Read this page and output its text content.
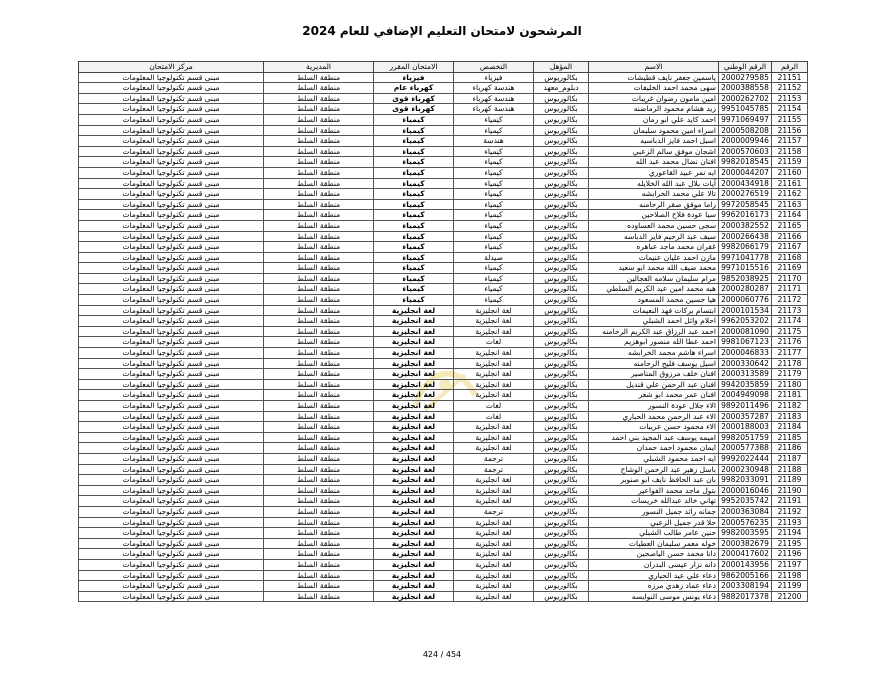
المرشحون لامتحان التعليم الإضافي للعام 2024
الرقم	الرقم الوطني	الاسم	المؤهل	التخصص	الامتحان المقرر	المديرية	مركز الامتحان
21151	2000279585	ياسمين جعفر نايف قطيشات	بكالوريوس	فيزياء	فيزياء	منطقة السلط	مبنى قسم تكنولوجيا المعلومات
21152	2000388558	سهى محمد احمد الخليفات	دبلوم_معهد	هندسة كهرباء	كهرباء عام	منطقة السلط	مبنى قسم تكنولوجيا المعلومات
21153	2000262702	امين مامون رضوان غريبات	بكالوريوس	هندسة كهرباء	كهرباء قوى	منطقة السلط	مبنى قسم تكنولوجيا المعلومات
21154	9951045785	زيد هشام محمود الرماضنه	بكالوريوس	هندسة كهرباء	كهرباء قوى	منطقة السلط	مبنى قسم تكنولوجيا المعلومات
21155	9971069497	احمد كايد علي ابو رمان	بكالوريوس	كيمياء	كيمياء	منطقة السلط	مبنى قسم تكنولوجيا المعلومات
21156	2000508208	اسراء امين محمود سليمان	بكالوريوس	كيمياء	كيمياء	منطقة السلط	مبنى قسم تكنولوجيا المعلومات
21157	2000009946	اسيل احمد فايز الدباسيه	بكالوريوس	هندسة	كيمياء	منطقة السلط	مبنى قسم تكنولوجيا المعلومات
21158	2000570603	اشجان موفق سالم الزعبي	بكالوريوس	كيمياء	كيمياء	منطقة السلط	مبنى قسم تكنولوجيا المعلومات
21159	9982018545	افنان نضال محمد عبد الله	بكالوريوس	كيمياء	كيمياء	منطقة السلط	مبنى قسم تكنولوجيا المعلومات
21160	2000044207	ايه نمر عبيد القاعوري	بكالوريوس	كيمياء	كيمياء	منطقة السلط	مبنى قسم تكنولوجيا المعلومات
21161	2000434918	آيات بلال عبد الله الخلايله	بكالوريوس	كيمياء	كيمياء	منطقة السلط	مبنى قسم تكنولوجيا المعلومات
21162	2000276519	تالا علي محمد الخرابشه	بكالوريوس	كيمياء	كيمياء	منطقة السلط	مبنى قسم تكنولوجيا المعلومات
21163	9972058545	راما موفق صقر الرحامنه	بكالوريوس	كيمياء	كيمياء	منطقة السلط	مبنى قسم تكنولوجيا المعلومات
21164	9962016173	سيا عودة فلاح الصلاحين	بكالوريوس	كيمياء	كيمياء	منطقة السلط	مبنى قسم تكنولوجيا المعلومات
21165	2000382552	سجى حسين محمد العساوده	بكالوريوس	كيمياء	كيمياء	منطقة السلط	مبنى قسم تكنولوجيا المعلومات
21166	2000266438	سيف عبد الرحيم فايز الدباسه	بكالوريوس	كيمياء	كيمياء	منطقة السلط	مبنى قسم تكنولوجيا المعلومات
21167	9982066179	غفران محمد ماجد عباهره	بكالوريوس	كيمياء	كيمياء	منطقة السلط	مبنى قسم تكنولوجيا المعلومات
21168	9971041778	مازن احمد عليان عنيمات	بكالوريوس	صيدلة	كيمياء	منطقة السلط	مبنى قسم تكنولوجيا المعلومات
21169	9971015516	محمد ضيف الله محمد ابو سعيد	بكالوريوس	كيمياء	كيمياء	منطقة السلط	مبنى قسم تكنولوجيا المعلومات
21170	9852038925	مرام سليمان سلامه العجالين	بكالوريوس	كيمياء	كيمياء	منطقة السلط	مبنى قسم تكنولوجيا المعلومات
21171	2000280287	هبه محمد امين عبد الكريم السلطي	بكالوريوس	كيمياء	كيمياء	منطقة السلط	مبنى قسم تكنولوجيا المعلومات
21172	2000060776	هيا حسين محمد المسعود	بكالوريوس	كيمياء	كيمياء	منطقة السلط	مبنى قسم تكنولوجيا المعلومات
21173	2000101534	ابتسام بركات فهد النعيمات	بكالوريوس	لغة انجليزية	لغة انجليزية	منطقة السلط	مبنى قسم تكنولوجيا المعلومات
21174	9962053202	احلام وائل احمد الشبلي	بكالوريوس	لغة انجليزية	لغة انجليزية	منطقة السلط	مبنى قسم تكنولوجيا المعلومات
21175	2000081090	احمد عبد الرزاق عبد الكريم الرحامنه	بكالوريوس	لغة انجليزية	لغة انجليزية	منطقة السلط	مبنى قسم تكنولوجيا المعلومات
21176	9981067123	احمد عطا الله منصور ابوهزيم	بكالوريوس	لغات	لغة انجليزية	منطقة السلط	مبنى قسم تكنولوجيا المعلومات
21177	2000046833	اسراء هاشم محمد الخرابشه	بكالوريوس	لغة انجليزية	لغة انجليزية	منطقة السلط	مبنى قسم تكنولوجيا المعلومات
21178	2000330642	اسيل يوسف فليح الرحامنه	بكالوريوس	لغة انجليزية	لغة انجليزية	منطقة السلط	مبنى قسم تكنولوجيا المعلومات
21179	2000313589	افنان خلف مرزوق المناصير	بكالوريوس	لغة انجليزية	لغة انجليزية	منطقة السلط	مبنى قسم تكنولوجيا المعلومات
21180	9942035859	افنان عبد الرحمن علي قنديل	بكالوريوس	لغة انجليزية	لغة انجليزية	منطقة السلط	مبنى قسم تكنولوجيا المعلومات
21181	2004949098	افنان عمر محمد ابو شعر	بكالوريوس	لغة انجليزية	لغة انجليزية	منطقة السلط	مبنى قسم تكنولوجيا المعلومات
21182	9892011496	الاء جلال عودة النسور	بكالوريوس	لغات	لغة انجليزية	منطقة السلط	مبنى قسم تكنولوجيا المعلومات
21183	2000357287	الاء عبد الرحمن محمد الحباري	بكالوريوس	لغات	لغة انجليزية	منطقة السلط	مبنى قسم تكنولوجيا المعلومات
21184	2000188003	الاء محمود حسن عريبات	بكالوريوس	لغة انجليزية	لغة انجليزية	منطقة السلط	مبنى قسم تكنولوجيا المعلومات
21185	9982051759	اميمه يوسف عبد المجيد بني احمد	بكالوريوس	لغة انجليزية	لغة انجليزية	منطقة السلط	مبنى قسم تكنولوجيا المعلومات
21186	2000577388	ايمان محمود احمد حمدان	بكالوريوس	لغة انجليزية	لغة انجليزية	منطقة السلط	مبنى قسم تكنولوجيا المعلومات
21187	9992022444	ايه احمد محمود الشبلي	بكالوريوس	ترجمة	لغة انجليزية	منطقة السلط	مبنى قسم تكنولوجيا المعلومات
21188	2000230948	باسل زهير عبد الرحمن الوشاح	بكالوريوس	ترجمة	لغة انجليزية	منطقة السلط	مبنى قسم تكنولوجيا المعلومات
21189	9982033091	بان عبد الحافظ نايف ابو صنوبر	بكالوريوس	لغة انجليزية	لغة انجليزية	منطقة السلط	مبنى قسم تكنولوجيا المعلومات
21190	2000016046	بتول ماجد محمد الفواعير	بكالوريوس	لغة انجليزية	لغة انجليزية	منطقة السلط	مبنى قسم تكنولوجيا المعلومات
21191	9952035742	تهاني خالد عبدالله خريسات	بكالوريوس	لغة انجليزية	لغة انجليزية	منطقة السلط	مبنى قسم تكنولوجيا المعلومات
21192	2000363084	جمانه رائد جميل النسور	بكالوريوس	ترجمة	لغة انجليزية	منطقة السلط	مبنى قسم تكنولوجيا المعلومات
21193	2000576235	حلا قدر جميل الزعبي	بكالوريوس	لغة انجليزية	لغة انجليزية	منطقة السلط	مبنى قسم تكنولوجيا المعلومات
21194	9982003595	حنين عامر طالب الشبلي	بكالوريوس	لغة انجليزية	لغة انجليزية	منطقة السلط	مبنى قسم تكنولوجيا المعلومات
21195	2000382679	خوله معمر سليمان العطيات	بكالوريوس	لغة انجليزية	لغة انجليزية	منطقة السلط	مبنى قسم تكنولوجيا المعلومات
21196	2000417602	دانا محمد حسن الياصجين	بكالوريوس	لغة انجليزية	لغة انجليزية	منطقة السلط	مبنى قسم تكنولوجيا المعلومات
21197	2000143956	دانه نزار عيسى البدران	بكالوريوس	لغة انجليزية	لغة انجليزية	منطقة السلط	مبنى قسم تكنولوجيا المعلومات
21198	9862005166	دعاء علي عيد الحباري	بكالوريوس	لغة انجليزية	لغة انجليزية	منطقة السلط	مبنى قسم تكنولوجيا المعلومات
21199	2003308194	دعاء عماد زهدي مرزه	بكالوريوس	لغة انجليزية	لغة انجليزية	منطقة السلط	مبنى قسم تكنولوجيا المعلومات
21200	9882017378	دعاء يونس موسى النوايسه	بكالوريوس	لغة انجليزية	لغة انجليزية	منطقة السلط	مبنى قسم تكنولوجيا المعلومات
424 / 454
